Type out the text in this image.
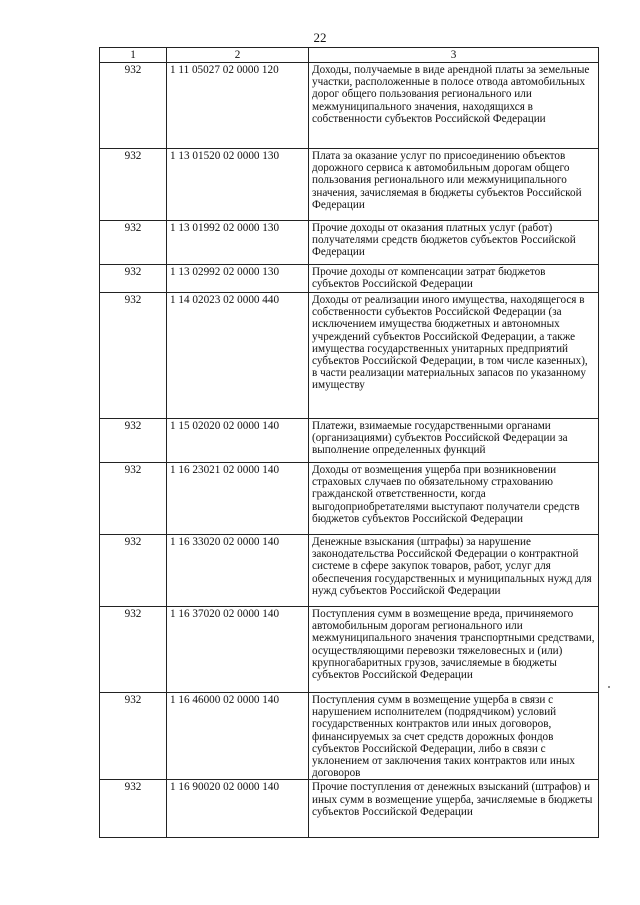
22
1	2	3
932	1 11 05027 02 0000 120	Доходы, получаемые в виде арендной платы за земельные участки, расположенные в полосе отвода автомобильных дорог общего пользования регионального или межмуниципального значения, находящихся в собственности субъектов Российской Федерации

932	1 13 01520 02 0000 130	Плата за оказание услуг по присоединению объектов дорожного сервиса к автомобильным дорогам общего пользования регионального или межмуниципального значения, зачисляемая в бюджеты субъектов Российской Федерации

932	1 13 01992 02 0000 130	Прочие доходы от оказания платных услуг (работ) получателями средств бюджетов субъектов Российской Федерации

932	1 13 02992 02 0000 130	Прочие доходы от компенсации затрат бюджетов субъектов Российской Федерации

932	1 14 02023 02 0000 440	Доходы от реализации иного имущества, находящегося в собственности субъектов Российской Федерации (за исключением имущества бюджетных и автономных учреждений субъектов Российской Федерации, а также имущества государственных унитарных предприятий субъектов Российской Федерации, в том числе казенных), в части реализации материальных запасов по указанному имуществу

932	1 15 02020 02 0000 140	Платежи, взимаемые государственными органами (организациями) субъектов Российской Федерации за выполнение определенных функций

932	1 16 23021 02 0000 140	Доходы от возмещения ущерба при возникновении страховых случаев по обязательному страхованию гражданской ответственности, когда выгодоприобретателями выступают получатели средств бюджетов субъектов Российской Федерации

932	1 16 33020 02 0000 140	Денежные взыскания (штрафы) за нарушение законодательства Российской Федерации о контрактной системе в сфере закупок товаров, работ, услуг для обеспечения государственных и муниципальных нужд для нужд субъектов Российской Федерации

932	1 16 37020 02 0000 140	Поступления сумм в возмещение вреда, причиняемого автомобильным дорогам регионального или межмуниципального значения транспортными средствами, осуществляющими перевозки тяжеловесных и (или) крупногабаритных грузов, зачисляемые в бюджеты субъектов Российской Федерации

932	1 16 46000 02 0000 140	Поступления сумм в возмещение ущерба в связи с нарушением исполнителем (подрядчиком) условий государственных контрактов или иных договоров, финансируемых за счет средств дорожных фондов субъектов Российской Федерации, либо в связи с уклонением от заключения таких контрактов или иных договоров

932	1 16 90020 02 0000 140	Прочие поступления от денежных взысканий (штрафов) и иных сумм в возмещение ущерба, зачисляемые в бюджеты субъектов Российской Федерации
